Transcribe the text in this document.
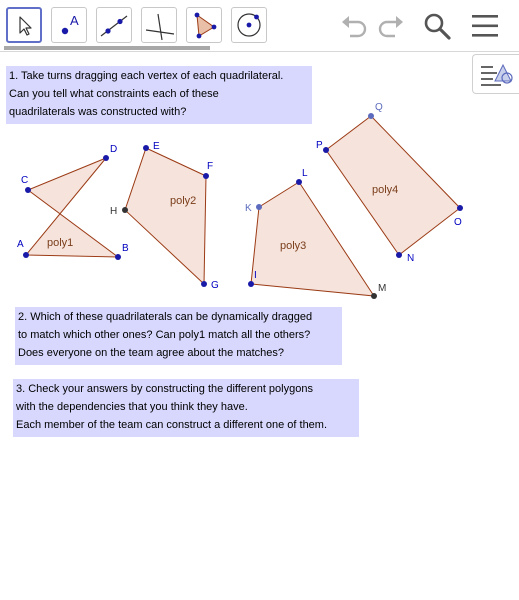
A
1. Take turns dragging each vertex of each quadrilateral.
Can you tell what constraints each of these
quadrilaterals was constructed with?
2. Which of these quadrilaterals can be dynamically dragged
to match which other ones? Can poly1 match all the others?
Does everyone on the team agree about the matches?
3. Check your answers by constructing the different polygons
with the dependencies that you think they have.
Each member of the team can construct a different one of them.
poly1
poly2
poly3
poly4
A	B
C
D	E
F
G
H
I
K
L
M
N
O
P
Q
